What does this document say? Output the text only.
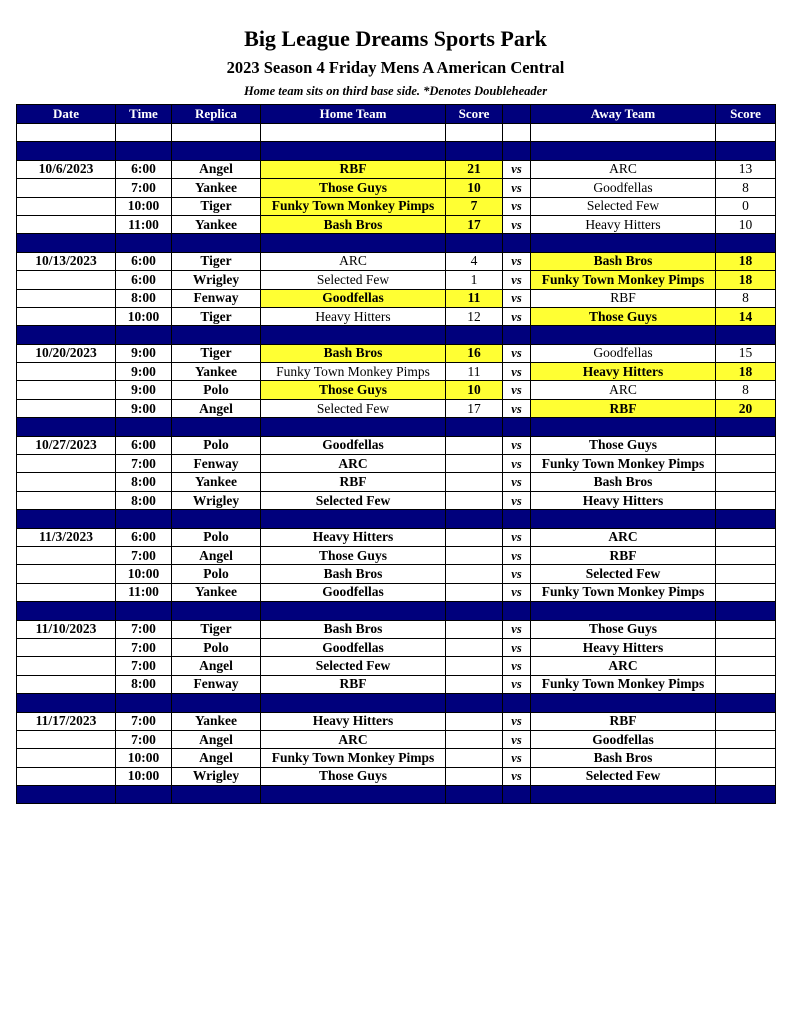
Big League Dreams Sports Park
2023 Season 4 Friday Mens A American Central
Home team sits on third base side. *Denotes Doubleheader
Date	Time	Replica	Home Team	Score		Away Team	Score

10/6/2023	6:00	Angel	RBF	21	vs	ARC	13
	7:00	Yankee	Those Guys	10	vs	Goodfellas	8
	10:00	Tiger	Funky Town Monkey Pimps	7	vs	Selected Few	0
	11:00	Yankee	Bash Bros	17	vs	Heavy Hitters	10

10/13/2023	6:00	Tiger	ARC	4	vs	Bash Bros	18
	6:00	Wrigley	Selected Few	1	vs	Funky Town Monkey Pimps	18
	8:00	Fenway	Goodfellas	11	vs	RBF	8
	10:00	Tiger	Heavy Hitters	12	vs	Those Guys	14

10/20/2023	9:00	Tiger	Bash Bros	16	vs	Goodfellas	15
	9:00	Yankee	Funky Town Monkey Pimps	11	vs	Heavy Hitters	18
	9:00	Polo	Those Guys	10	vs	ARC	8
	9:00	Angel	Selected Few	17	vs	RBF	20

10/27/2023	6:00	Polo	Goodfellas		vs	Those Guys	
	7:00	Fenway	ARC		vs	Funky Town Monkey Pimps	
	8:00	Yankee	RBF		vs	Bash Bros	
	8:00	Wrigley	Selected Few		vs	Heavy Hitters	

11/3/2023	6:00	Polo	Heavy Hitters		vs	ARC	
	7:00	Angel	Those Guys		vs	RBF	
	10:00	Polo	Bash Bros		vs	Selected Few	
	11:00	Yankee	Goodfellas		vs	Funky Town Monkey Pimps	

11/10/2023	7:00	Tiger	Bash Bros		vs	Those Guys	
	7:00	Polo	Goodfellas		vs	Heavy Hitters	
	7:00	Angel	Selected Few		vs	ARC	
	8:00	Fenway	RBF		vs	Funky Town Monkey Pimps	

11/17/2023	7:00	Yankee	Heavy Hitters		vs	RBF	
	7:00	Angel	ARC		vs	Goodfellas	
	10:00	Angel	Funky Town Monkey Pimps		vs	Bash Bros	
	10:00	Wrigley	Those Guys		vs	Selected Few	
